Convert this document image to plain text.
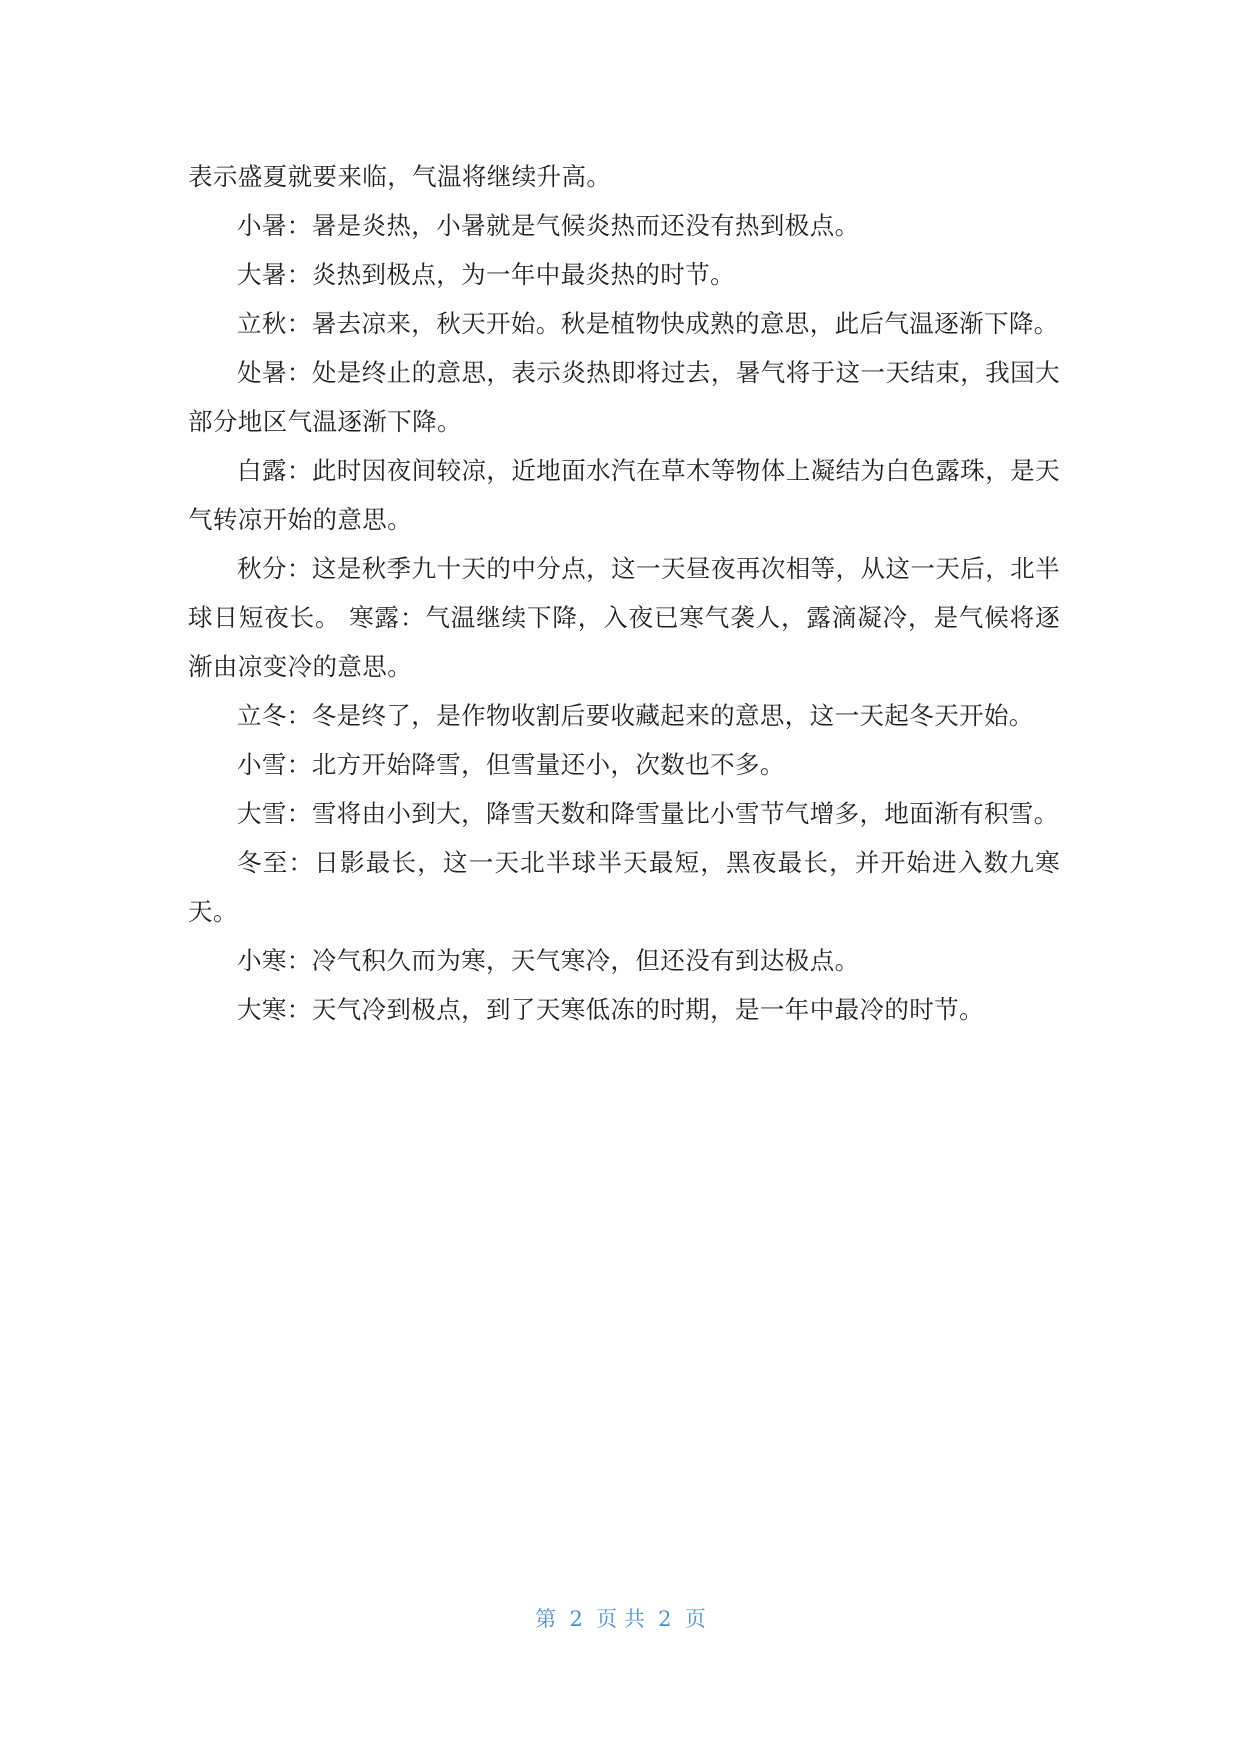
表示盛夏就要来临，气温将继续升高。

小暑：暑是炎热，小暑就是气候炎热而还没有热到极点。

大暑：炎热到极点，为一年中最炎热的时节。

立秋：暑去凉来，秋天开始。秋是植物快成熟的意思，此后气温逐渐下降。

处暑：处是终止的意思，表示炎热即将过去，暑气将于这一天结束，我国大部分地区气温逐渐下降。

白露：此时因夜间较凉，近地面水汽在草木等物体上凝结为白色露珠，是天气转凉开始的意思。

秋分：这是秋季九十天的中分点，这一天昼夜再次相等，从这一天后，北半球日短夜长。 寒露：气温继续下降，入夜已寒气袭人，露滴凝冷，是气候将逐渐由凉变冷的意思。

立冬：冬是终了，是作物收割后要收藏起来的意思，这一天起冬天开始。

小雪：北方开始降雪，但雪量还小，次数也不多。

大雪：雪将由小到大，降雪天数和降雪量比小雪节气增多，地面渐有积雪。

冬至：日影最长，这一天北半球半天最短，黑夜最长，并开始进入数九寒天。

小寒：冷气积久而为寒，天气寒冷，但还没有到达极点。

大寒：天气冷到极点，到了天寒低冻的时期，是一年中最冷的时节。

第  2  页 共  2  页
